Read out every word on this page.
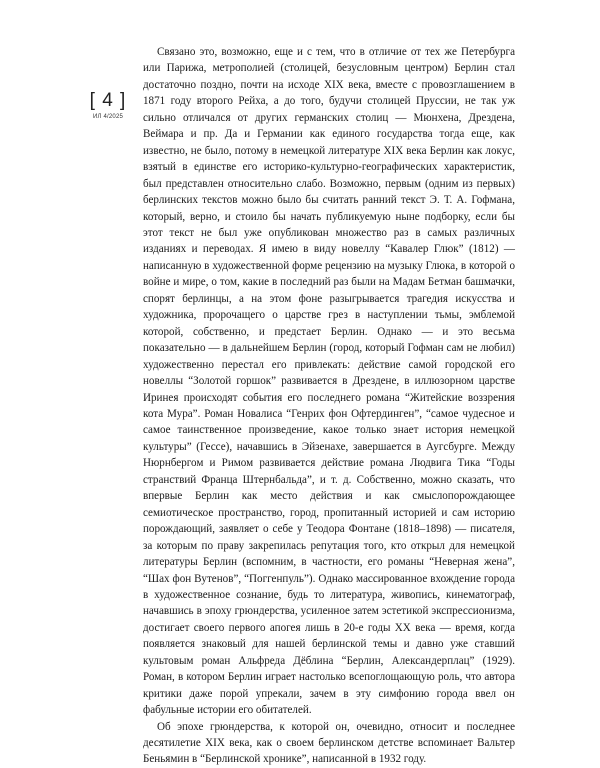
[ 4 ]
ИЛ 4/2025

Связано это, возможно, еще и с тем, что в отличие от тех же Петербурга или Парижа, метрополией (столицей, безусловным центром) Берлин стал достаточно поздно, почти на исходе XIX века, вместе с провозглашением в 1871 году второго Рейха, а до того, будучи столицей Пруссии, не так уж сильно отличался от других германских столиц — Мюнхена, Дрездена, Веймара и пр. Да и Германии как единого государства тогда еще, как известно, не было, потому в немецкой литературе XIX века Берлин как локус, взятый в единстве его историко-культурно-географических характеристик, был представлен относительно слабо. Возможно, первым (одним из первых) берлинских текстов можно было бы считать ранний текст Э. Т. А. Гофмана, который, верно, и стоило бы начать публикуемую ныне подборку, если бы этот текст не был уже опубликован множество раз в самых различных изданиях и переводах. Я имею в виду новеллу “Кавалер Глюк” (1812) — написанную в художественной форме рецензию на музыку Глюка, в которой о войне и мире, о том, какие в последний раз были на Мадам Бетман башмачки, спорят берлинцы, а на этом фоне разыгрывается трагедия искусства и художника, пророчащего о царстве грез в наступлении тьмы, эмблемой которой, собственно, и предстает Берлин. Однако — и это весьма показательно — в дальнейшем Берлин (город, который Гофман сам не любил) художественно перестал его привлекать: действие самой городской его новеллы “Золотой горшок” развивается в Дрездене, в иллюзорном царстве Иринея происходят события его последнего романа “Житейские воззрения кота Мура”. Роман Новалиса “Генрих фон Офтердинген”, “самое чудесное и самое таинственное произведение, какое только знает история немецкой культуры” (Гессе), начавшись в Эйзенахе, завершается в Аугсбурге. Между Нюрнбергом и Римом развивается действие романа Людвига Тика “Годы странствий Франца Штернбальда”, и т. д. Собственно, можно сказать, что впервые Берлин как место действия и как смыслопорождающее семиотическое пространство, город, пропитанный историей и сам историю порождающий, заявляет о себе у Теодора Фонтане (1818–1898) — писателя, за которым по праву закрепилась репутация того, кто открыл для немецкой литературы Берлин (вспомним, в частности, его романы “Неверная жена”, “Шах фон Вутенов”, “Поггенпуль”). Однако массированное вхождение города в художественное сознание, будь то литература, живопись, кинематограф, начавшись в эпоху грюндерства, усиленное затем эстетикой экспрессионизма, достигает своего первого апогея лишь в 20-е годы XX века — время, когда появляется знаковый для нашей берлинской темы и давно уже ставший культовым роман Альфреда Дёблина “Берлин, Александерплац” (1929). Роман, в котором Берлин играет настолько всепоглощающую роль, что автора критики даже порой упрекали, зачем в эту симфонию города ввел он фабульные истории его обитателей.

Об эпохе грюндерства, к которой он, очевидно, относит и последнее десятилетие XIX века, как о своем берлинском детстве вспоминает Вальтер Беньямин в “Берлинской хронике”, написанной в 1932 году.
